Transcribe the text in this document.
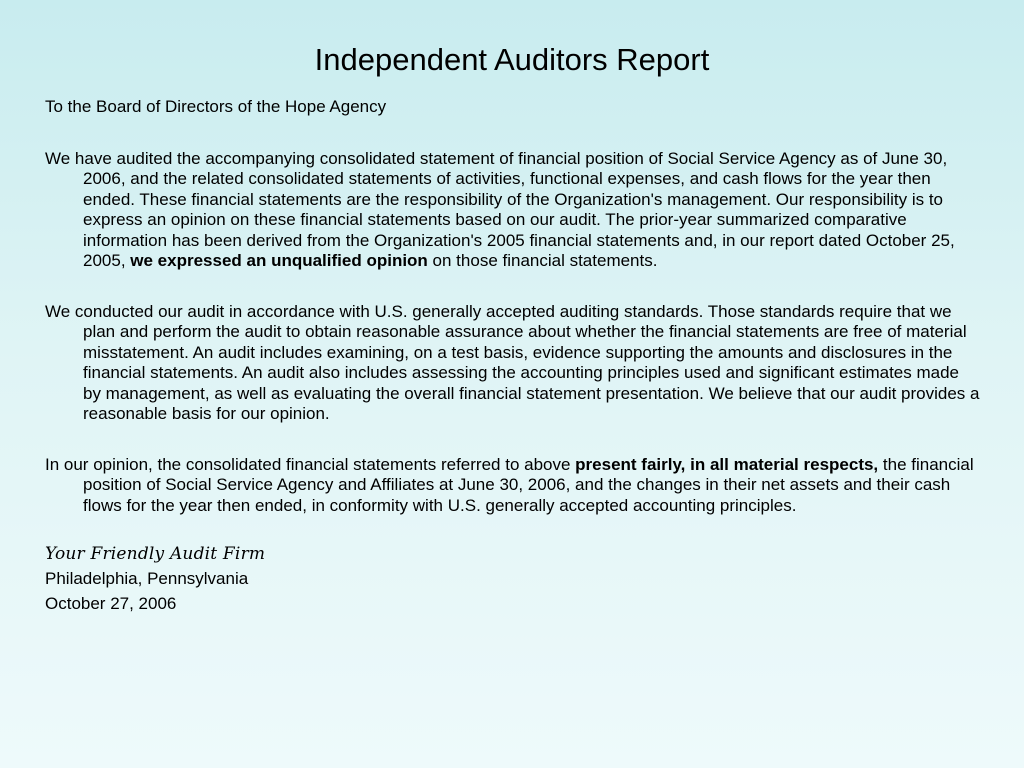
Independent Auditors Report

To the Board of Directors of the Hope Agency

We have audited the accompanying consolidated statement of financial position of Social Service Agency as of June 30, 2006, and the related consolidated statements of activities, functional expenses, and cash flows for the year then ended. These financial statements are the responsibility of the Organization's management. Our responsibility is to express an opinion on these financial statements based on our audit. The prior-year summarized comparative information has been derived from the Organization's 2005 financial statements and, in our report dated October 25, 2005, we expressed an unqualified opinion on those financial statements.

We conducted our audit in accordance with U.S. generally accepted auditing standards. Those standards require that we plan and perform the audit to obtain reasonable assurance about whether the financial statements are free of material misstatement. An audit includes examining, on a test basis, evidence supporting the amounts and disclosures in the financial statements. An audit also includes assessing the accounting principles used and significant estimates made by management, as well as evaluating the overall financial statement presentation. We believe that our audit provides a reasonable basis for our opinion.

In our opinion, the consolidated financial statements referred to above present fairly, in all material respects, the financial position of Social Service Agency and Affiliates at June 30, 2006, and the changes in their net assets and their cash flows for the year then ended, in conformity with U.S. generally accepted accounting principles.

Your Friendly Audit Firm

Philadelphia, Pennsylvania

October 27, 2006
